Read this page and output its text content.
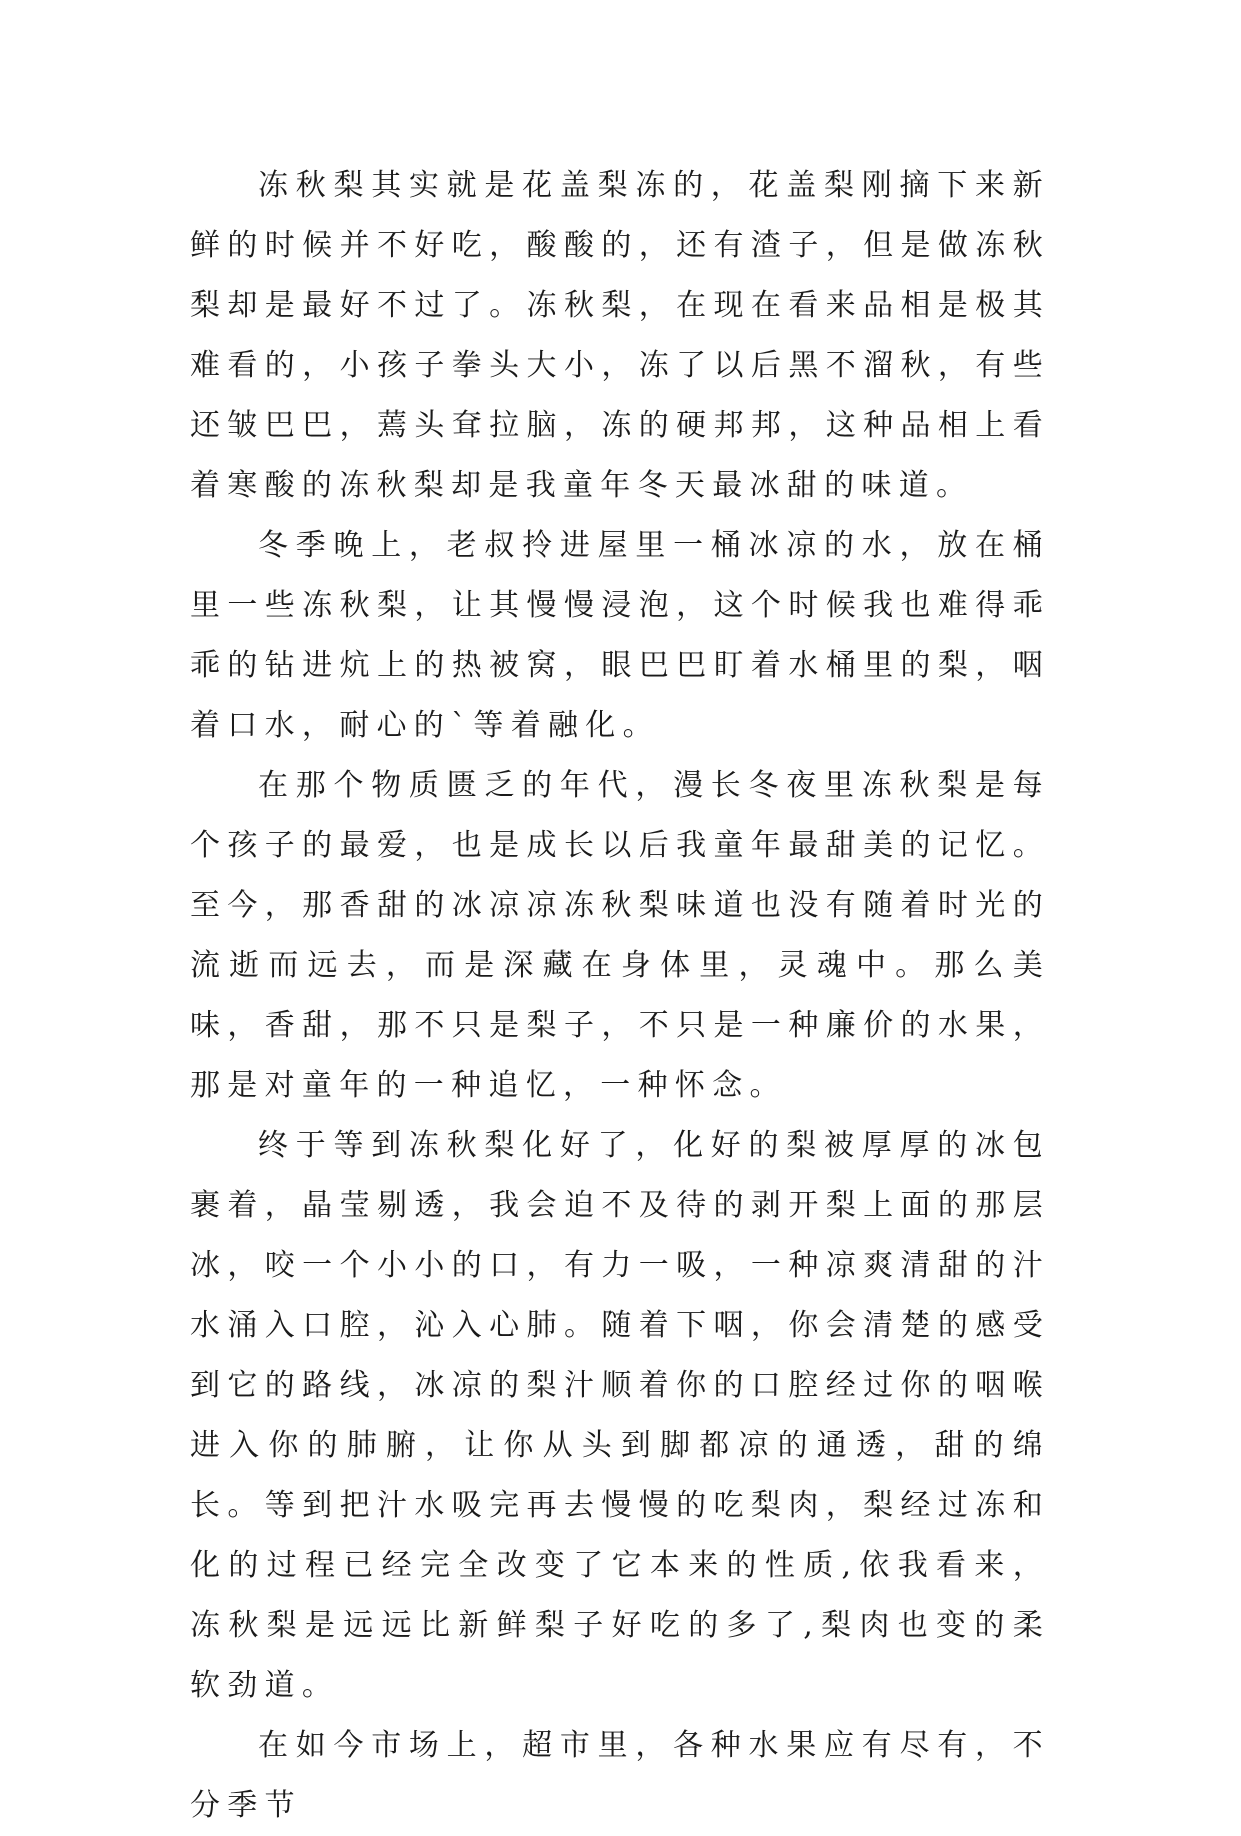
冻秋梨其实就是花盖梨冻的，花盖梨刚摘下来新鲜的时候并不好吃，酸酸的，还有渣子，但是做冻秋梨却是最好不过了。冻秋梨，在现在看来品相是极其难看的，小孩子拳头大小，冻了以后黑不溜秋，有些还皱巴巴，蔫头耷拉脑，冻的硬邦邦，这种品相上看着寒酸的冻秋梨却是我童年冬天最冰甜的味道。

冬季晚上，老叔拎进屋里一桶冰凉的水，放在桶里一些冻秋梨，让其慢慢浸泡，这个时候我也难得乖乖的钻进炕上的热被窝，眼巴巴盯着水桶里的梨，咽着口水，耐心的`等着融化。

在那个物质匮乏的年代，漫长冬夜里冻秋梨是每个孩子的最爱，也是成长以后我童年最甜美的记忆。至今，那香甜的冰凉凉冻秋梨味道也没有随着时光的流逝而远去，而是深藏在身体里，灵魂中。那么美味，香甜，那不只是梨子，不只是一种廉价的水果，那是对童年的一种追忆，一种怀念。

终于等到冻秋梨化好了，化好的梨被厚厚的冰包裹着，晶莹剔透，我会迫不及待的剥开梨上面的那层冰，咬一个小小的口，有力一吸，一种凉爽清甜的汁水涌入口腔，沁入心肺。随着下咽，你会清楚的感受到它的路线，冰凉的梨汁顺着你的口腔经过你的咽喉进入你的肺腑，让你从头到脚都凉的通透，甜的绵长。等到把汁水吸完再去慢慢的吃梨肉，梨经过冻和化的过程已经完全改变了它本来的性质,依我看来，冻秋梨是远远比新鲜梨子好吃的多了,梨肉也变的柔软劲道。

在如今市场上，超市里，各种水果应有尽有，不分季节
